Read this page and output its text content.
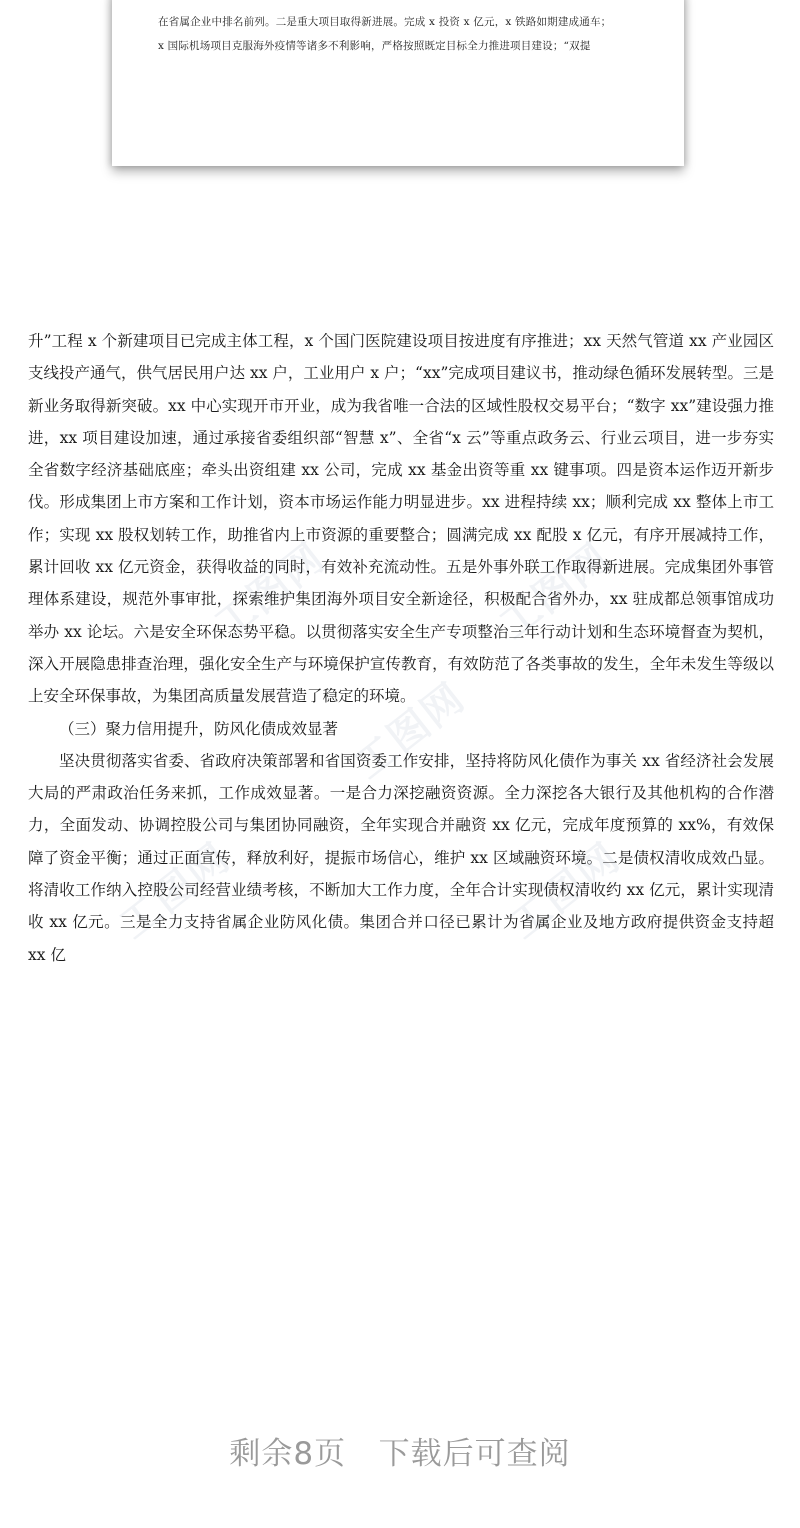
在省属企业中排名前列。二是重大项目取得新进展。完成 x 投资 x 亿元，x 铁路如期建成通车；
x 国际机场项目克服海外疫情等诸多不利影响，严格按照既定目标全力推进项目建设；“双提
工图网	工图网
工图网
工图网	工图网

升”工程 x 个新建项目已完成主体工程，x 个国门医院建设项目按进度有序推进；xx 天然气管道 xx 产业园区支线投产通气，供气居民用户达 xx 户，工业用户 x 户；“xx”完成项目建议书，推动绿色循环发展转型。三是新业务取得新突破。xx 中心实现开市开业，成为我省唯一合法的区域性股权交易平台；“数字 xx”建设强力推进，xx 项目建设加速，通过承接省委组织部“智慧 x”、全省“x 云”等重点政务云、行业云项目，进一步夯实全省数字经济基础底座；牵头出资组建 xx 公司，完成 xx 基金出资等重 xx 键事项。四是资本运作迈开新步伐。形成集团上市方案和工作计划，资本市场运作能力明显进步。xx 进程持续 xx；顺利完成 xx 整体上市工作；实现 xx 股权划转工作，助推省内上市资源的重要整合；圆满完成 xx 配股 x 亿元，有序开展减持工作，累计回收 xx 亿元资金，获得收益的同时，有效补充流动性。五是外事外联工作取得新进展。完成集团外事管理体系建设，规范外事审批，探索维护集团海外项目安全新途径，积极配合省外办，xx 驻成都总领事馆成功举办 xx 论坛。六是安全环保态势平稳。以贯彻落实安全生产专项整治三年行动计划和生态环境督查为契机，深入开展隐患排查治理，强化安全生产与环境保护宣传教育，有效防范了各类事故的发生，全年未发生等级以上安全环保事故，为集团高质量发展营造了稳定的环境。

（三）聚力信用提升，防风化债成效显著

坚决贯彻落实省委、省政府决策部署和省国资委工作安排，坚持将防风化债作为事关 xx 省经济社会发展大局的严肃政治任务来抓，工作成效显著。一是合力深挖融资资源。全力深挖各大银行及其他机构的合作潜力，全面发动、协调控股公司与集团协同融资，全年实现合并融资 xx 亿元，完成年度预算的 xx%，有效保障了资金平衡；通过正面宣传，释放利好，提振市场信心，维护 xx 区域融资环境。二是债权清收成效凸显。将清收工作纳入控股公司经营业绩考核，不断加大工作力度，全年合计实现债权清收约 xx 亿元，累计实现清收 xx 亿元。三是全力支持省属企业防风化债。集团合并口径已累计为省属企业及地方政府提供资金支持超 xx 亿

剩余8页 下载后可查阅
